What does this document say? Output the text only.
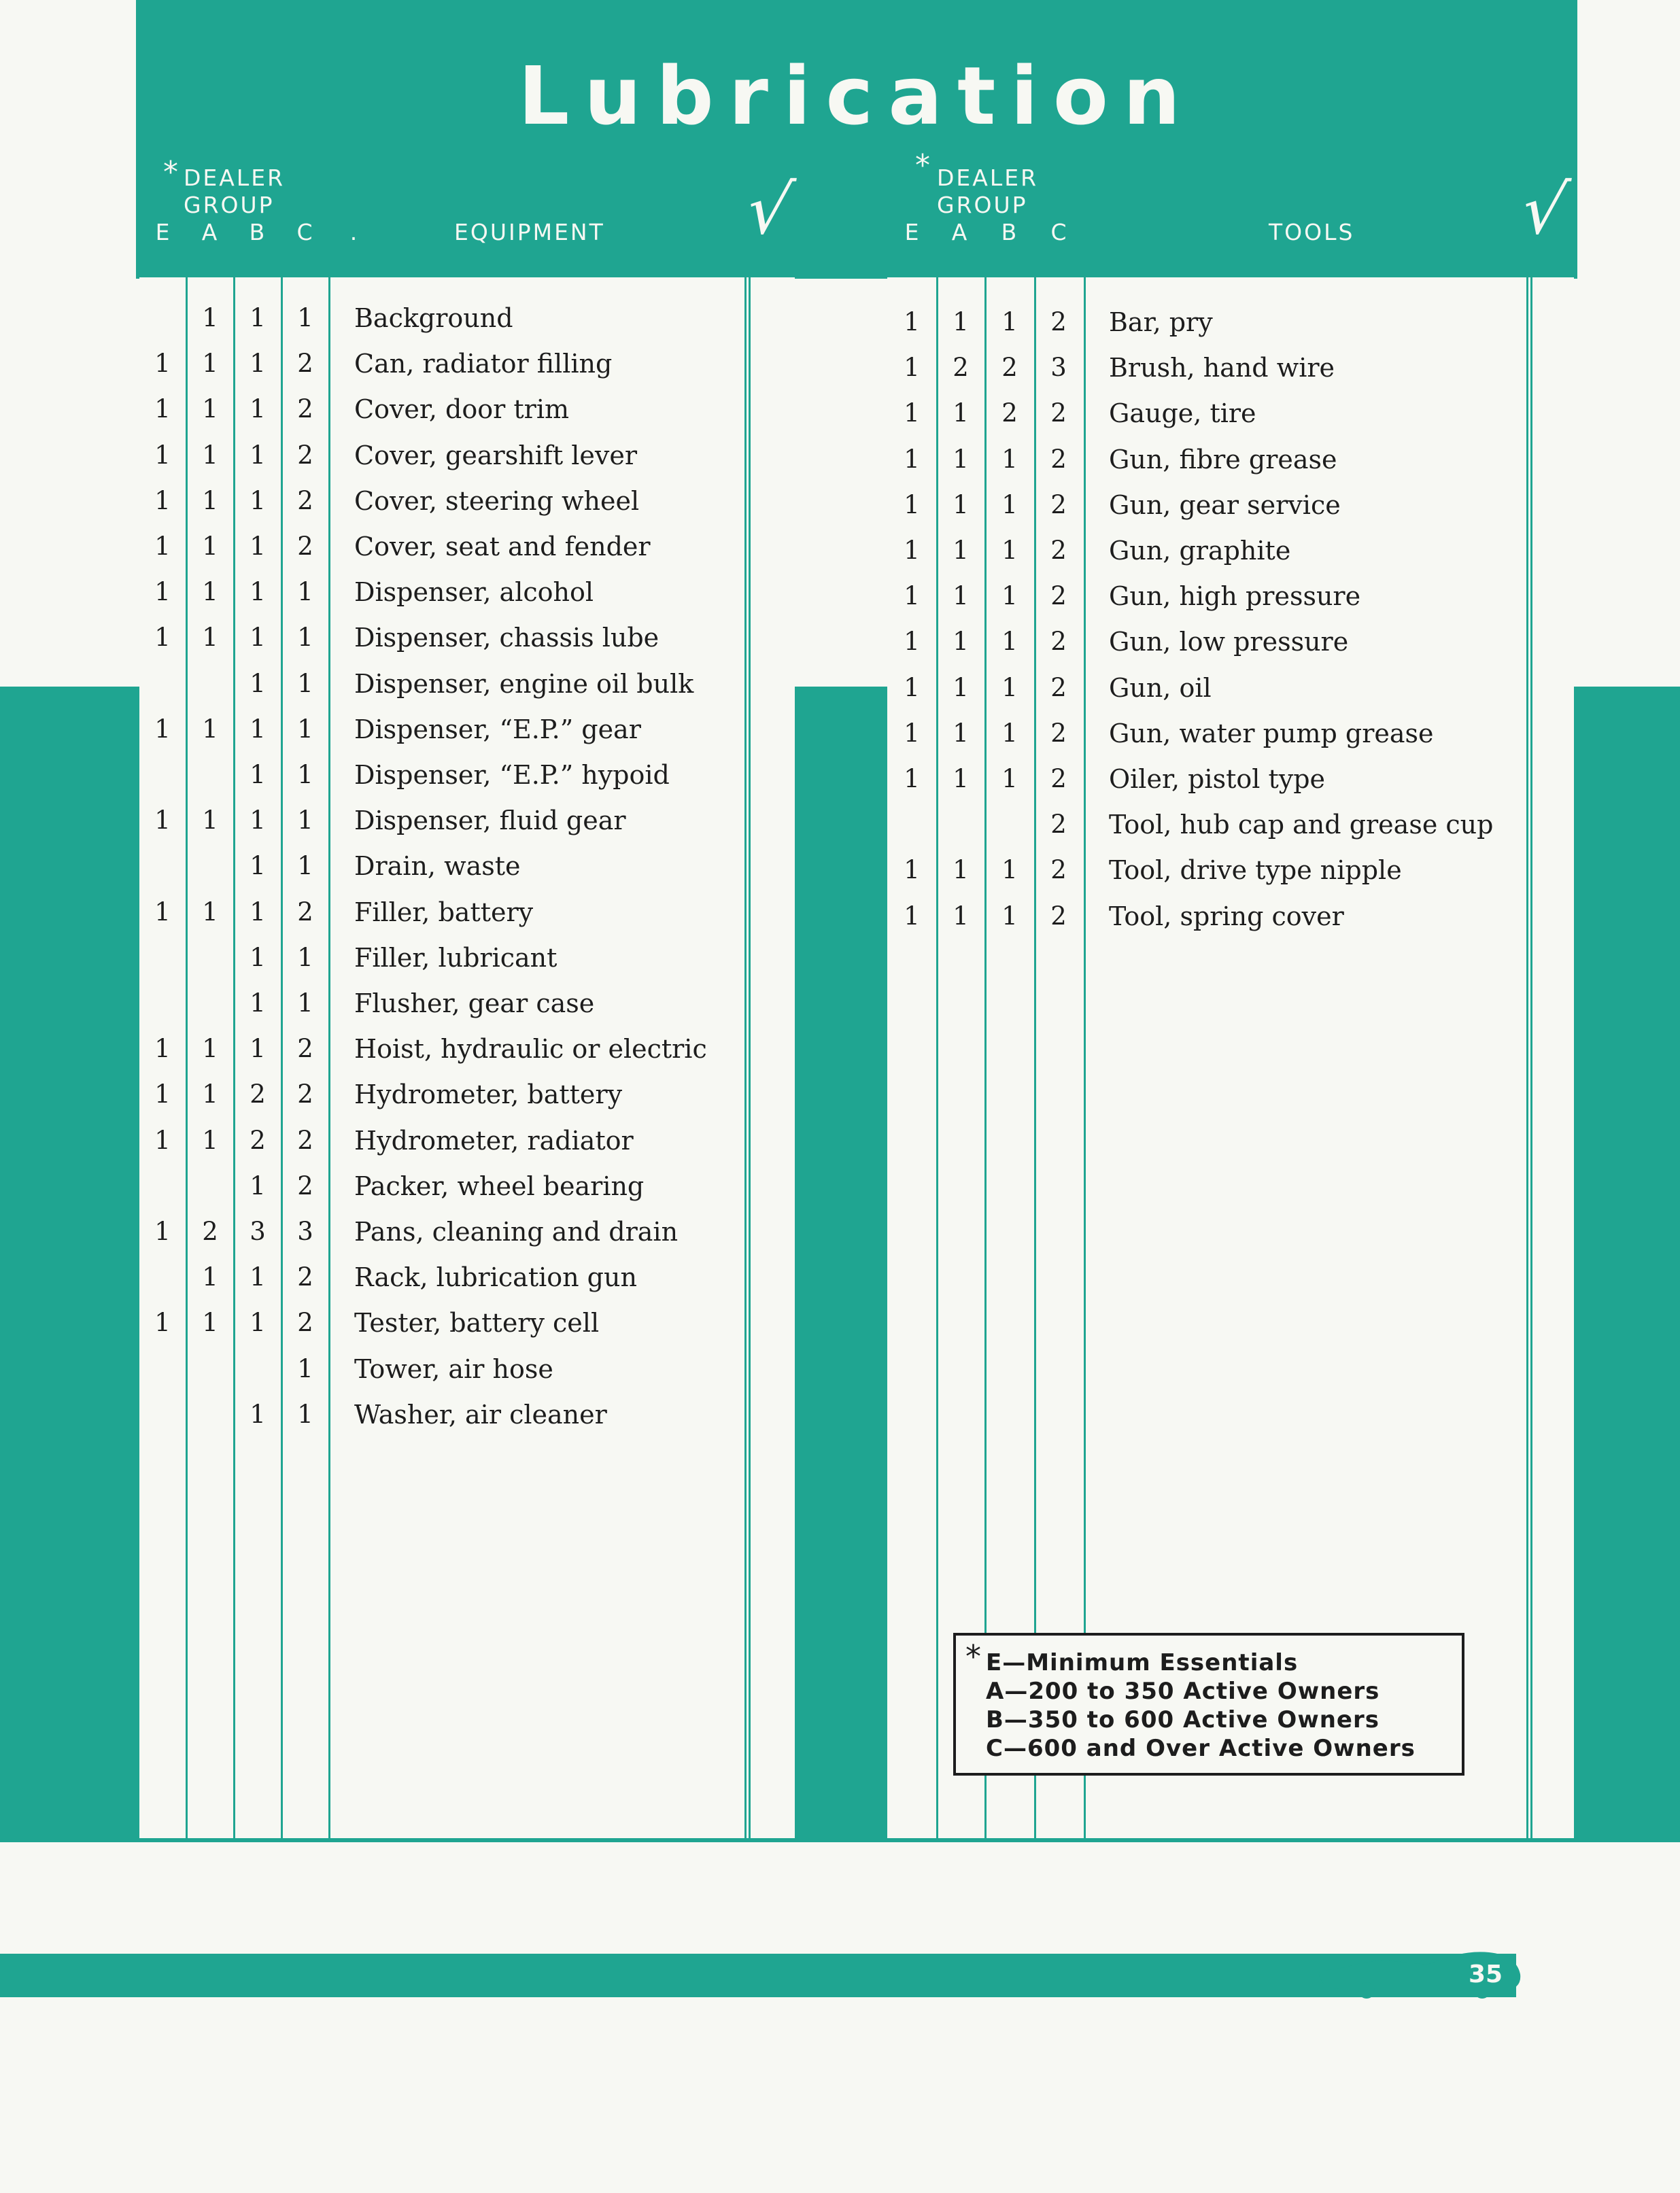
Lubrication
* DEALER
GROUP
E A B C .	EQUIPMENT √
* DEALER
GROUP
E A B C	TOOLS √
1 1 1 Background
1 1 1 2 Can, radiator filling
1 1 1 2 Cover, door trim
1 1 1 2 Cover, gearshift lever
1 1 1 2 Cover, steering wheel
1 1 1 2 Cover, seat and fender
1 1 1 1 Dispenser, alcohol
1 1 1 1 Dispenser, chassis lube
1 1 Dispenser, engine oil bulk
1 1 1 1 Dispenser, “E.P.” gear
1 1 Dispenser, “E.P.” hypoid
1 1 1 1 Dispenser, fluid gear
1 1 Drain, waste
1 1 1 2 Filler, battery
1 1 Filler, lubricant
1 1 Flusher, gear case
1 1 1 2 Hoist, hydraulic or electric
1 1 2 2 Hydrometer, battery
1 1 2 2 Hydrometer, radiator
1 2 Packer, wheel bearing
1 2 3 3 Pans, cleaning and drain
1 1 2 Rack, lubrication gun
1 1 1 2 Tester, battery cell
1 Tower, air hose
1 1 Washer, air cleaner
1 1 1 2 Bar, pry
1 2 2 3 Brush, hand wire
1 1 2 2 Gauge, tire
1 1 1 2 Gun, fibre grease
1 1 1 2 Gun, gear service
1 1 1 2 Gun, graphite
1 1 1 2 Gun, high pressure
1 1 1 2 Gun, low pressure
1 1 1 2 Gun, oil
1 1 1 2 Gun, water pump grease
1 1 1 2 Oiler, pistol type
2 Tool, hub cap and grease cup
1 1 1 2 Tool, drive type nipple
1 1 1 2 Tool, spring cover
* E—Minimum Essentials
A—200 to 350 Active Owners
B—350 to 600 Active Owners
C—600 and Over Active Owners
35
